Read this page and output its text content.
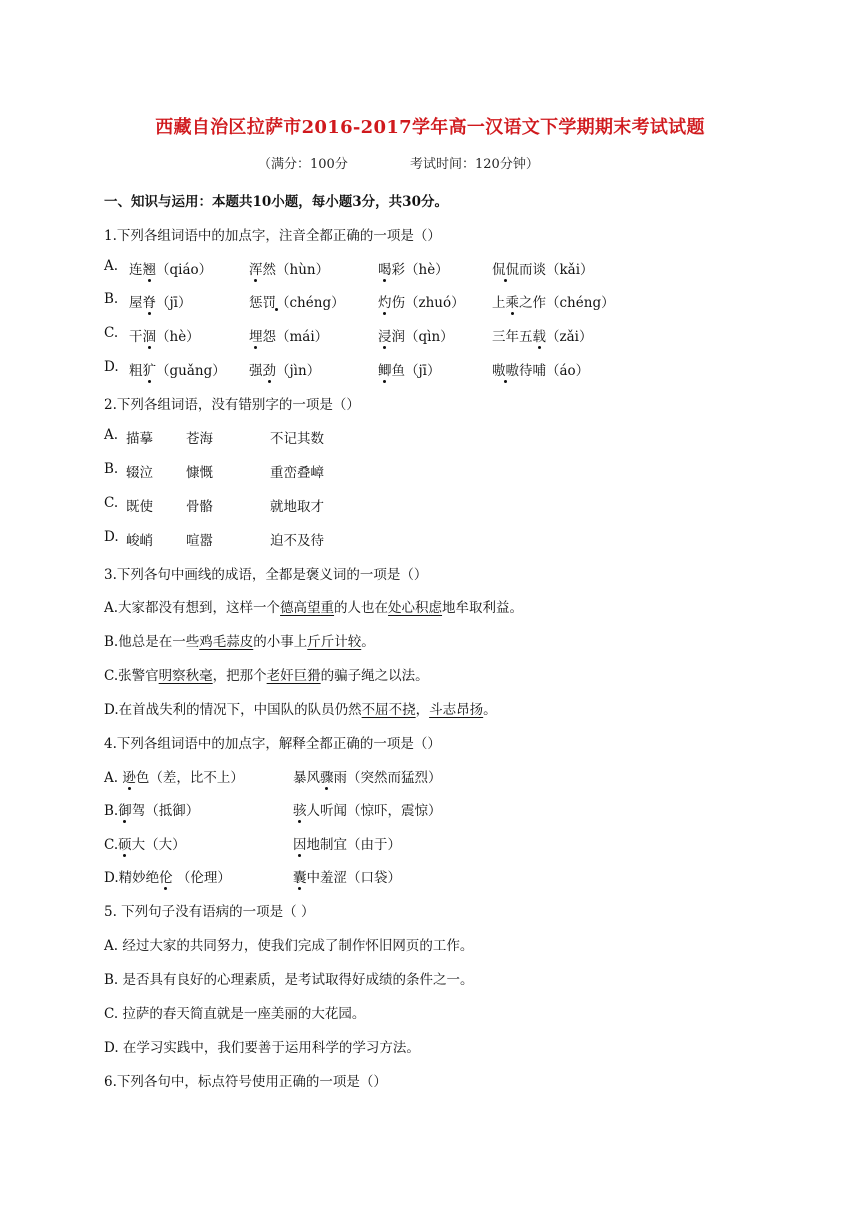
西藏自治区拉萨市2016-2017学年高一汉语文下学期期末考试试题
（满分：100分	考试时间：120分钟）
一、知识与运用：本题共10小题，每小题3分，共30分。
1.下列各组词语中的加点字，注音全都正确的一项是（）
A. 连翘（qiáo）	浑然（hùn）	喝彩（hè）	侃侃而谈（kǎi）
B. 屋脊（jī）	惩罚（chéng） 灼伤（zhuó） 上乘之作（chéng）
C. 干涸（hè）	埋怨（mái）	浸润（qìn）	三年五载（zǎi）
D. 粗犷（guǎng） 强劲（jìn）	鲫鱼（jī）	嗷嗷待哺（áo）
2.下列各组词语，没有错别字的一项是（）
A. 描摹 苍海	不记其数
B. 辍泣 慷慨	重峦叠嶂
C. 既使 骨骼	就地取才
D. 峻峭 喧嚣	迫不及待
3.下列各句中画线的成语，全都是褒义词的一项是（）
A.大家都没有想到，这样一个德高望重的人也在处心积虑地牟取利益。
B.他总是在一些鸡毛蒜皮的小事上斤斤计较。
C.张警官明察秋毫，把那个老奸巨猾的骗子绳之以法。
D.在首战失利的情况下，中国队的队员仍然不屈不挠，斗志昂扬。
4.下列各组词语中的加点字，解释全都正确的一项是（）
A. 逊色（差，比不上）	暴风骤雨（突然而猛烈）
B.御驾（抵御）	骇人听闻（惊吓，震惊）
C.硕大（大）	因地制宜（由于）
D.精妙绝伦 （伦理）	囊中羞涩（口袋）
5. 下列句子没有语病的一项是（ ）
A. 经过大家的共同努力，使我们完成了制作怀旧网页的工作。
B. 是否具有良好的心理素质，是考试取得好成绩的条件之一。
C. 拉萨的春天简直就是一座美丽的大花园。
D. 在学习实践中，我们要善于运用科学的学习方法。
6.下列各句中，标点符号使用正确的一项是（）
